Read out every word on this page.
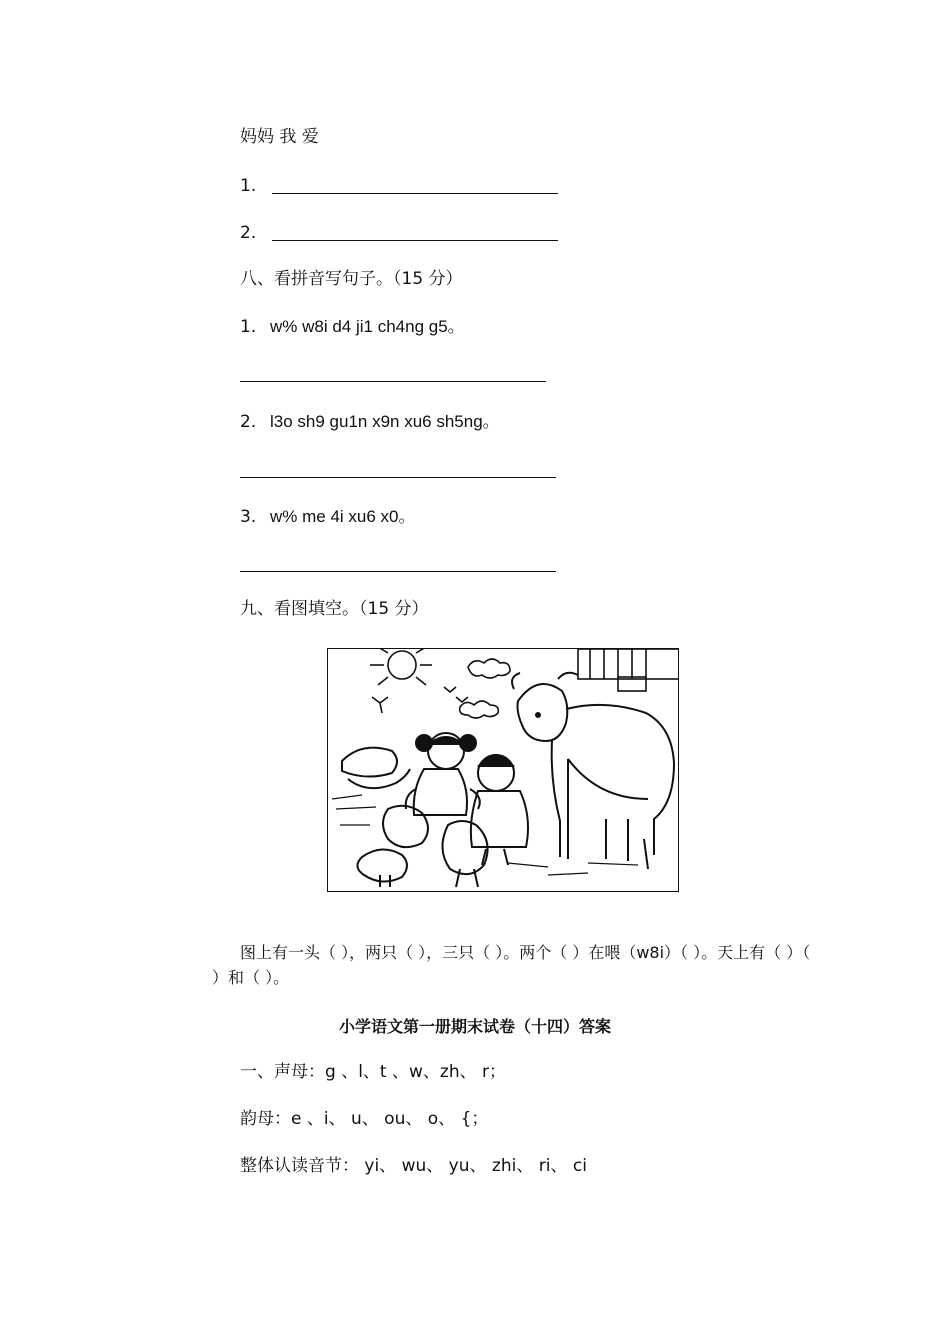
妈妈 我 爱
1.
2.
八、看拼音写句子。（15 分）
1. w% w8i d4 ji1 ch4ng g5。
2. l3o sh9 gu1n x9n xu6 sh5ng。
3. w% me 4i xu6 x0。
九、看图填空。（15 分）
图上有一头（ ），两只（ ），三只（ ）。两个（ ）在喂（w8i）（ ）。天上有（ ）（ ）和（ ）。
小学语文第一册期末试卷（十四）答案
一、声母：g 、l、t 、w、zh、 r；
韵母：e 、i、 u、 ou、 o、 {；
整体认读音节： yi、 wu、 yu、 zhi、 ri、 ci
